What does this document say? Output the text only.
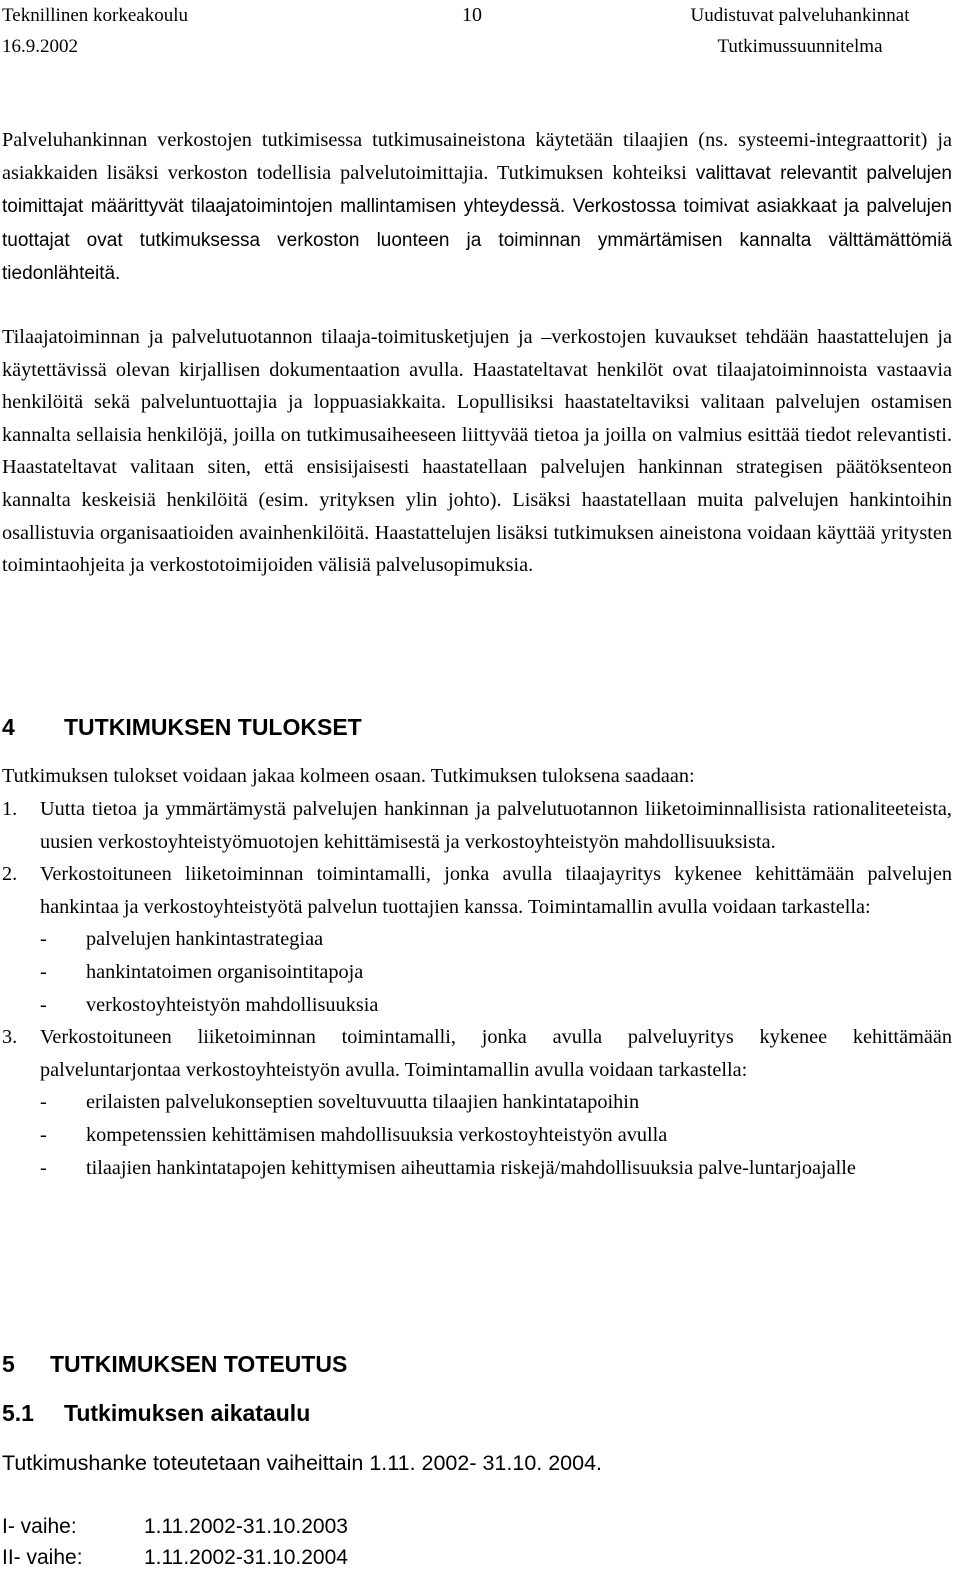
Teknillinen korkeakoulu
16.9.2002
10	Uudistuvat palveluhankinnat
Tutkimussuunnitelma

Palveluhankinnan verkostojen tutkimisessa tutkimusaineistona käytetään tilaajien (ns. systeemi-integraattorit) ja asiakkaiden lisäksi verkoston todellisia palvelutoimittajia. Tutkimuksen kohteiksi valittavat relevantit palvelujen toimittajat määrittyvät tilaajatoimintojen mallintamisen yhteydessä. Verkostossa toimivat asiakkaat ja palvelujen tuottajat ovat tutkimuksessa verkoston luonteen ja toiminnan ymmärtämisen kannalta välttämättömiä tiedonlähteitä.

Tilaajatoiminnan ja palvelutuotannon tilaaja-toimitusketjujen ja –verkostojen kuvaukset tehdään haastattelujen ja käytettävissä olevan kirjallisen dokumentaation avulla. Haastateltavat henkilöt ovat tilaajatoiminnoista vastaavia henkilöitä sekä palveluntuottajia ja loppuasiakkaita. Lopullisiksi haastateltaviksi valitaan palvelujen ostamisen kannalta sellaisia henkilöjä, joilla on tutkimusaiheeseen liittyvää tietoa ja joilla on valmius esittää tiedot relevantisti. Haastateltavat valitaan siten, että ensisijaisesti haastatellaan palvelujen hankinnan strategisen päätöksenteon kannalta keskeisiä henkilöitä (esim. yrityksen ylin johto). Lisäksi haastatellaan muita palvelujen hankintoihin osallistuvia organisaatioiden avainhenkilöitä. Haastattelujen lisäksi tutkimuksen aineistona voidaan käyttää yritysten toimintaohjeita ja verkostotoimijoiden välisiä palvelusopimuksia.

4 TUTKIMUKSEN TULOKSET

Tutkimuksen tulokset voidaan jakaa kolmeen osaan. Tutkimuksen tuloksena saadaan:

1. Uutta tietoa ja ymmärtämystä palvelujen hankinnan ja palvelutuotannon liiketoiminnallisista rationaliteeteista, uusien verkostoyhteistyömuotojen kehittämisestä ja verkostoyhteistyön mahdollisuuksista.
2. Verkostoituneen liiketoiminnan toimintamalli, jonka avulla tilaajayritys kykenee kehittämään palvelujen hankintaa ja verkostoyhteistyötä palvelun tuottajien kanssa. Toimintamallin avulla voidaan tarkastella:
- palvelujen hankintastrategiaa
- hankintatoimen organisointitapoja
- verkostoyhteistyön mahdollisuuksia
3. Verkostoituneen liiketoiminnan toimintamalli, jonka avulla palveluyritys kykenee kehittämään palveluntarjontaa verkostoyhteistyön avulla. Toimintamallin avulla voidaan tarkastella:
- erilaisten palvelukonseptien soveltuvuutta tilaajien hankintatapoihin
- kompetenssien kehittämisen mahdollisuuksia verkostoyhteistyön avulla
- tilaajien hankintatapojen kehittymisen aiheuttamia riskejä/mahdollisuuksia palve-luntarjoajalle
5 TUTKIMUKSEN TOTEUTUS
5.1 Tutkimuksen aikataulu

Tutkimushanke toteutetaan vaiheittain 1.11. 2002- 31.10. 2004.

I- vaihe:	1.11.2002-31.10.2003
II- vaihe:	1.11.2002-31.10.2004
